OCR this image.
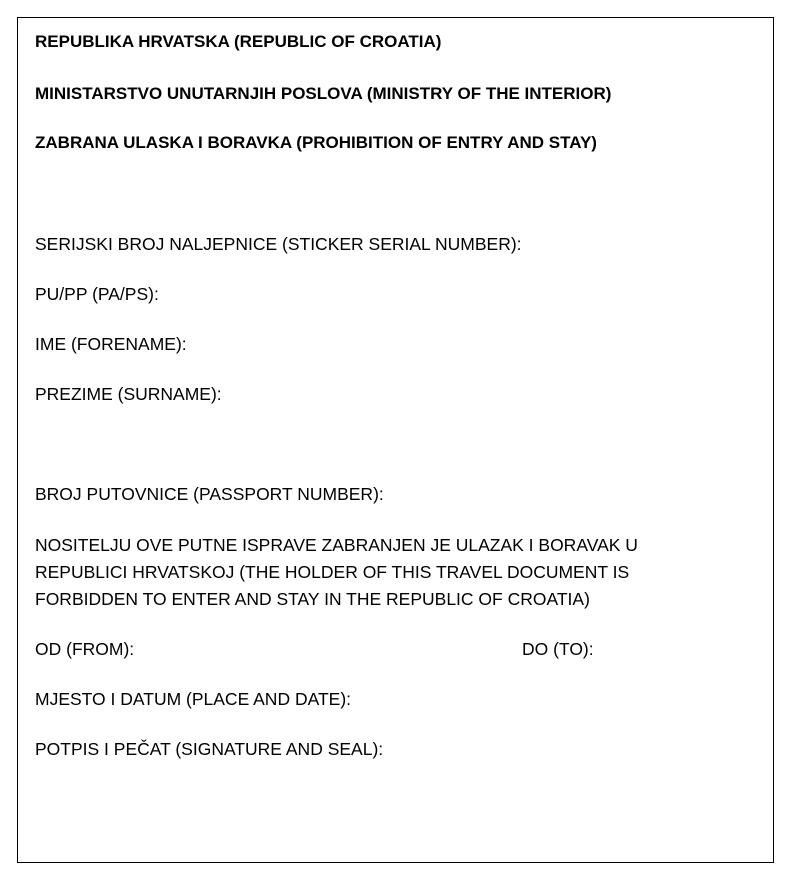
REPUBLIKA HRVATSKA (REPUBLIC OF CROATIA)
MINISTARSTVO UNUTARNJIH POSLOVA (MINISTRY OF THE INTERIOR)
ZABRANA ULASKA I BORAVKA (PROHIBITION OF ENTRY AND STAY)
SERIJSKI BROJ NALJEPNICE (STICKER SERIAL NUMBER):
PU/PP (PA/PS):
IME (FORENAME):
PREZIME (SURNAME):
BROJ PUTOVNICE (PASSPORT NUMBER):
NOSITELJU OVE PUTNE ISPRAVE ZABRANJEN JE ULAZAK I BORAVAK U
REPUBLICI HRVATSKOJ (THE HOLDER OF THIS TRAVEL DOCUMENT IS
FORBIDDEN TO ENTER AND STAY IN THE REPUBLIC OF CROATIA)
OD (FROM):	DO (TO):
MJESTO I DATUM (PLACE AND DATE):
POTPIS I PEČAT (SIGNATURE AND SEAL):
